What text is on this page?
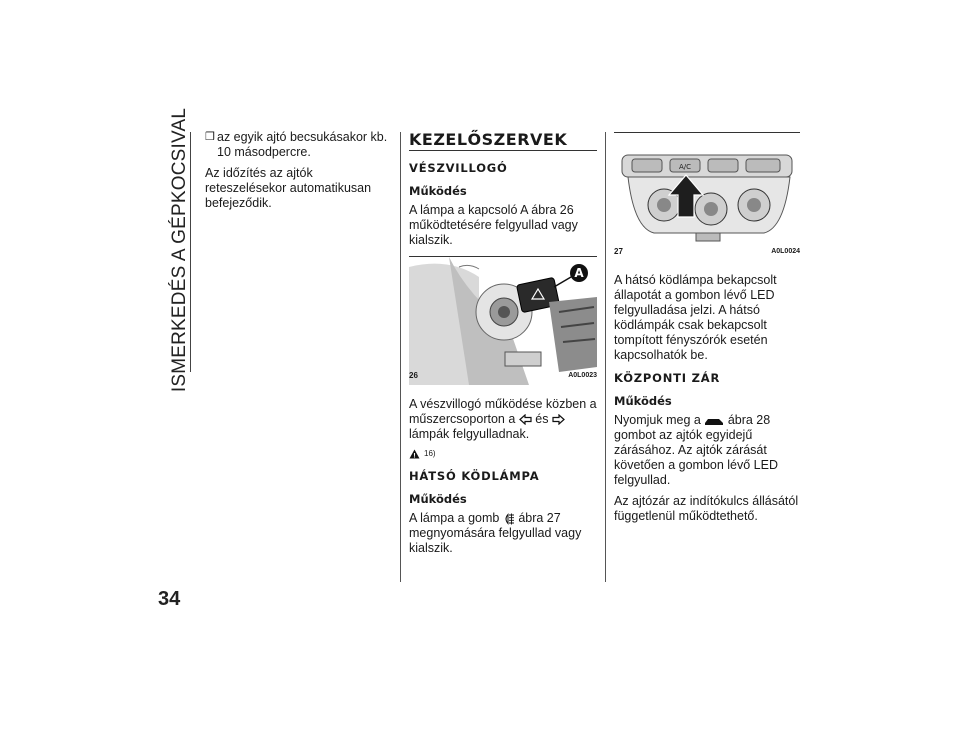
ISMERKEDÉS A GÉPKOCSIVAL
34
❒ az egyik ajtó becsukásakor kb. 10 másodpercre.

Az időzítés az ajtók reteszelésekor automatikusan befejeződik.

KEZELŐSZERVEK
VÉSZVILLOGÓ
Működés

A lámpa a kapcsoló A ábra 26 működtetésére felgyullad vagy kialszik.

A
26	A0L0023

A vészvillogó működése közben a műszercsoporton a és  lámpák felgyulladnak.

! 16)
HÁTSÓ KÖDLÁMPA
Működés

A lámpa a gomb ábra 27 megnyomására felgyullad vagy kialszik.

A/C
27	A0L0024

A hátsó ködlámpa bekapcsolt állapotát a gombon lévő LED felgyulladása jelzi. A hátsó ködlámpák csak bekapcsolt tompított fényszórók esetén kapcsolhatók be.

KÖZPONTI ZÁR
Működés

Nyomjuk meg a ábra 28 gombot az ajtók egyidejű zárásához. Az ajtók zárását követően a gombon lévő LED felgyullad.

Az ajtózár az indítókulcs állásától függetlenül működtethető.
